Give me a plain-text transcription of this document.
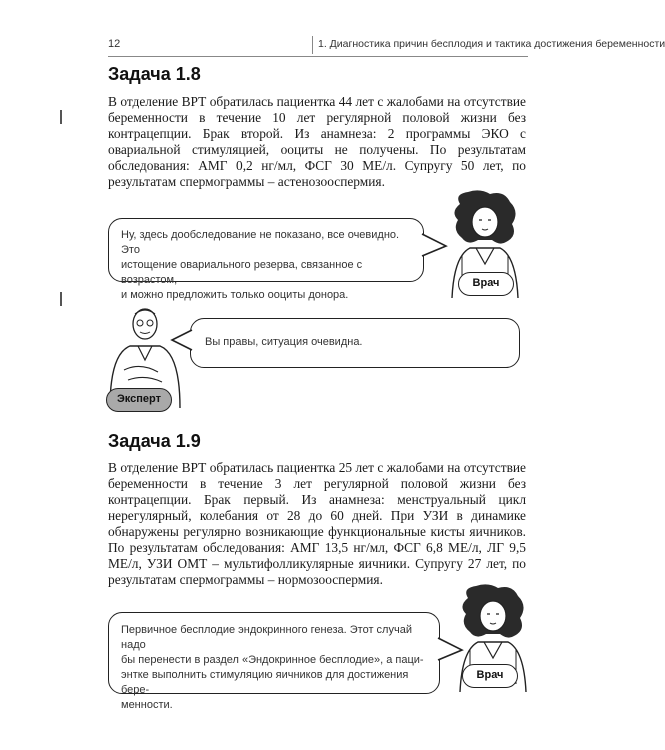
12	1. Диагностика причин бесплодия и тактика достижения беременности
Задача 1.8

В отделение ВРТ обратилась пациентка 44 лет с жалобами на отсутствие беременности в течение 10 лет регулярной половой жизни без контрацепции. Брак второй. Из анамнеза: 2 программы ЭКО с овариальной стимуляцией, ооциты не получены. По результатам обследования: АМГ 0,2 нг/мл, ФСГ 30 МЕ/л. Супругу 50 лет, по результатам спермограммы – астенозооспермия.

Ну, здесь дообследование не показано, все очевидно. Это

истощение овариального резерва, связанное с возрастом,

и можно предложить только ооциты донора.

Врач
Эксперт

Вы правы, ситуация очевидна.

Задача 1.9

В отделение ВРТ обратилась пациентка 25 лет с жалобами на отсутствие беременности в течение 3 лет регулярной половой жизни без контрацепции. Брак первый. Из анамнеза: менструальный цикл нерегулярный, колебания от 28 до 60 дней. При УЗИ в динамике обнаружены регулярно возникающие функциональные кисты яичников. По результатам обследования: АМГ 13,5 нг/мл, ФСГ 6,8 МЕ/л, ЛГ 9,5 МЕ/л, УЗИ ОМТ – мультифолликулярные яичники. Супругу 27 лет, по результатам спермограммы – нормозооспермия.

Первичное бесплодие эндокринного генеза. Этот случай надо

бы перенести в раздел «Эндокринное бесплодие», а паци-

энтке выполнить стимуляцию яичников для достижения бере-

менности.

Врач
